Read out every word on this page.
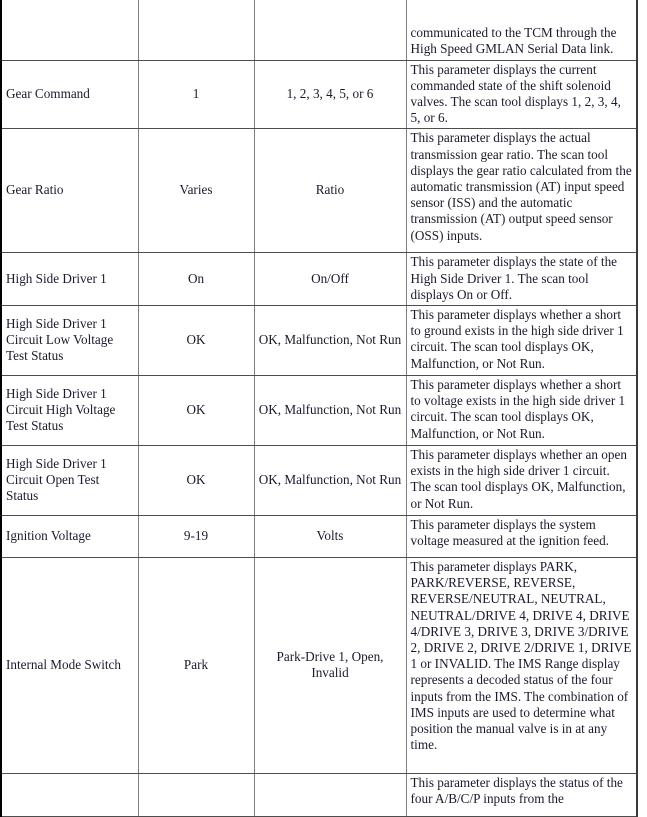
			communicated to the TCM through the High Speed GMLAN Serial Data link.

Gear Command	1	1, 2, 3, 4, 5, or 6	This parameter displays the current commanded state of the shift solenoid valves. The scan tool displays 1, 2, 3, 4, 5, or 6.

Gear Ratio	Varies	Ratio	This parameter displays the actual transmission gear ratio. The scan tool displays the gear ratio calculated from the automatic transmission (AT) input speed sensor (ISS) and the automatic transmission (AT) output speed sensor (OSS) inputs.

High Side Driver 1	On	On/Off	This parameter displays the state of the High Side Driver 1. The scan tool displays On or Off.

High Side Driver 1 Circuit Low Voltage Test Status	OK	OK, Malfunction, Not Run	This parameter displays whether a short to ground exists in the high side driver 1 circuit. The scan tool displays OK, Malfunction, or Not Run.

High Side Driver 1 Circuit High Voltage Test Status	OK	OK, Malfunction, Not Run	This parameter displays whether a short to voltage exists in the high side driver 1 circuit. The scan tool displays OK, Malfunction, or Not Run.

High Side Driver 1 Circuit Open Test Status	OK	OK, Malfunction, Not Run	This parameter displays whether an open exists in the high side driver 1 circuit. The scan tool displays OK, Malfunction, or Not Run.

Ignition Voltage	9-19	Volts	This parameter displays the system voltage measured at the ignition feed.

Internal Mode Switch	Park	Park-Drive 1, Open, Invalid	This parameter displays PARK, PARK/REVERSE, REVERSE, REVERSE/NEUTRAL, NEUTRAL, NEUTRAL/DRIVE 4, DRIVE 4, DRIVE 4/DRIVE 3, DRIVE 3, DRIVE 3/DRIVE 2, DRIVE 2, DRIVE 2/DRIVE 1, DRIVE 1 or INVALID. The IMS Range display represents a decoded status of the four inputs from the IMS. The combination of IMS inputs are used to determine what position the manual valve is in at any time.

			This parameter displays the status of the four A/B/C/P inputs from the
